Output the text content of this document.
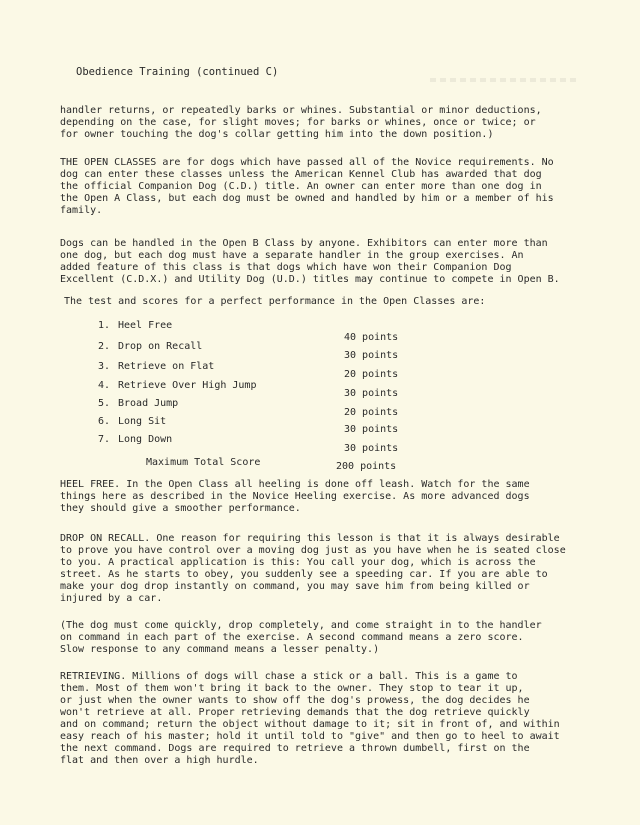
Obedience Training (continued C)

handler returns, or repeatedly barks or whines. Substantial or minor deductions,
depending on the case, for slight moves; for barks or whines, once or twice; or
for owner touching the dog's collar getting him into the down position.)

THE OPEN CLASSES are for dogs which have passed all of the Novice requirements. No
dog can enter these classes unless the American Kennel Club has awarded that dog
the official Companion Dog (C.D.) title. An owner can enter more than one dog in
the Open A Class, but each dog must be owned and handled by him or a member of his
family.

Dogs can be handled in the Open B Class by anyone. Exhibitors can enter more than
one dog, but each dog must have a separate handler in the group exercises. An
added feature of this class is that dogs which have won their Companion Dog
Excellent (C.D.X.) and Utility Dog (U.D.) titles may continue to compete in Open B.

The test and scores for a perfect performance in the Open Classes are:
1. Heel Free
40 points
2. Drop on Recall
30 points
3. Retrieve on Flat
20 points
4. Retrieve Over High Jump
30 points
5. Broad Jump
20 points
6. Long Sit
30 points
7. Long Down
30 points
Maximum Total Score	200 points

HEEL FREE. In the Open Class all heeling is done off leash. Watch for the same
things here as described in the Novice Heeling exercise. As more advanced dogs
they should give a smoother performance.

DROP ON RECALL. One reason for requiring this lesson is that it is always desirable
to prove you have control over a moving dog just as you have when he is seated close
to you. A practical application is this: You call your dog, which is across the
street. As he starts to obey, you suddenly see a speeding car. If you are able to
make your dog drop instantly on command, you may save him from being killed or
injured by a car.

(The dog must come quickly, drop completely, and come straight in to the handler
on command in each part of the exercise. A second command means a zero score.
Slow response to any command means a lesser penalty.)

RETRIEVING. Millions of dogs will chase a stick or a ball. This is a game to
them. Most of them won't bring it back to the owner. They stop to tear it up,
or just when the owner wants to show off the dog's prowess, the dog decides he
won't retrieve at all. Proper retrieving demands that the dog retrieve quickly
and on command; return the object without damage to it; sit in front of, and within
easy reach of his master; hold it until told to "give" and then go to heel to await
the next command. Dogs are required to retrieve a thrown dumbell, first on the
flat and then over a high hurdle.
